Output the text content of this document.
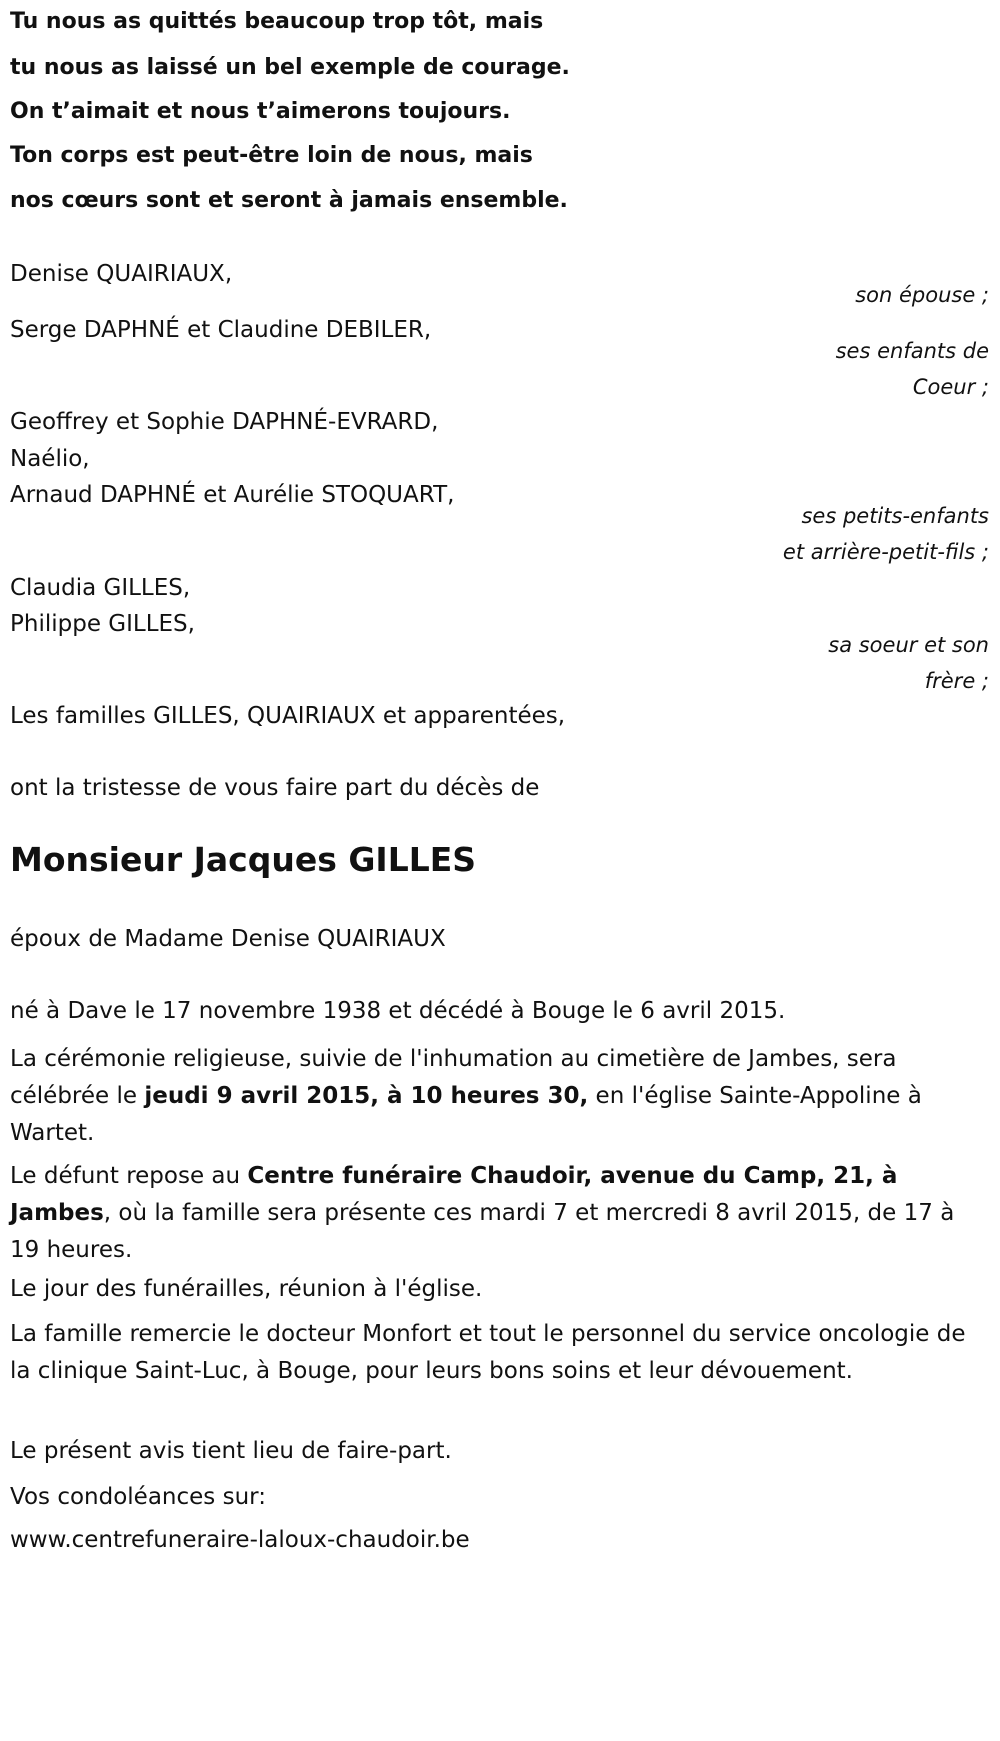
Tu nous as quittés beaucoup trop tôt, mais
tu nous as laissé un bel exemple de courage.
On t’aimait et nous t’aimerons toujours.
Ton corps est peut-être loin de nous, mais
nos cœurs sont et seront à jamais ensemble.
Denise QUAIRIAUX,
son épouse ;
Serge DAPHNÉ et Claudine DEBILER,
ses enfants de
Coeur ;
Geoffrey et Sophie DAPHNÉ-EVRARD,
Naélio,
Arnaud DAPHNÉ et Aurélie STOQUART,
ses petits-enfants
et arrière-petit-fils ;
Claudia GILLES,
Philippe GILLES,
sa soeur et son
frère ;
Les familles GILLES, QUAIRIAUX et apparentées,
ont la tristesse de vous faire part du décès de
Monsieur Jacques GILLES
époux de Madame Denise QUAIRIAUX
né à Dave le 17 novembre 1938 et décédé à Bouge le 6 avril 2015.
La cérémonie religieuse, suivie de l'inhumation au cimetière de Jambes, sera célébrée le jeudi 9 avril 2015, à 10 heures 30, en l'église Sainte-Appoline à Wartet.
Le défunt repose au Centre funéraire Chaudoir, avenue du Camp, 21, à Jambes, où la famille sera présente ces mardi 7 et mercredi 8 avril 2015, de 17 à 19 heures.
Le jour des funérailles, réunion à l'église.
La famille remercie le docteur Monfort et tout le personnel du service oncologie de la clinique Saint-Luc, à Bouge, pour leurs bons soins et leur dévouement.
Le présent avis tient lieu de faire-part.
Vos condoléances sur:
www.centrefuneraire-laloux-chaudoir.be
